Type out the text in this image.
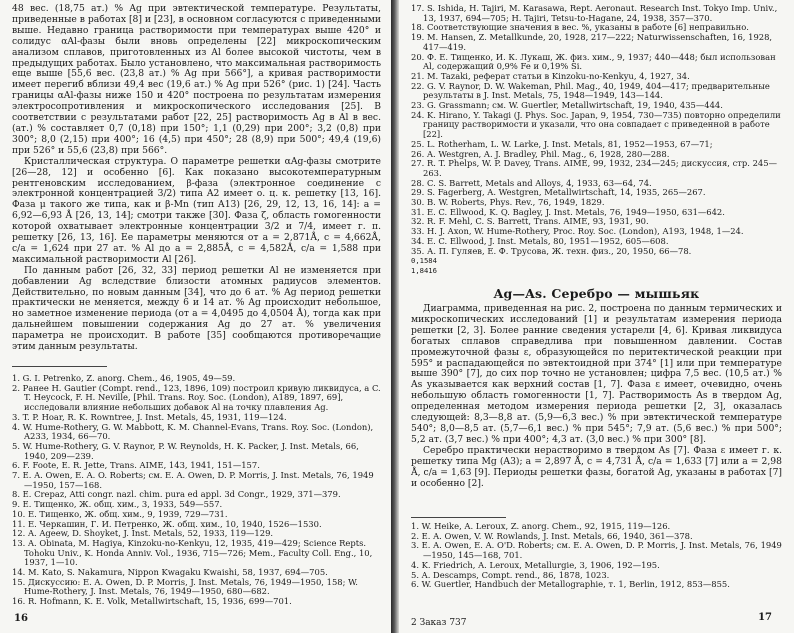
48 вес. (18,75 ат.) % Ag при эвтектической температуре. Результаты, приведенные в работах [8] и [23], в основном согласуются с приведенными выше. Недавно граница растворимости при температурах выше 420° и солидус αAl-фазы были вновь определены [22] микроскопическим анализом сплавов, приготовленных из Al более высокой чистоты, чем в предыдущих работах. Было установлено, что максимальная растворимость еще выше [55,6 вес. (23,8 ат.) % Ag при 566°], а кривая растворимости имеет перегиб вблизи 49,4 вес (19,6 ат.) % Ag при 526° (рис. 1) [24]. Часть границы αAl-фазы ниже 150 и 420° построена по результатам измерения электросопротивления и микроскопического исследования [25]. В соответствии с результатами работ [22, 25] растворимость Ag в Al в вес. (ат.) % составляет 0,7 (0,18) при 150°; 1,1 (0,29) при 200°; 3,2 (0,8) при 300°; 8,0 (2,15) при 400°; 16 (4,5) при 450°; 28 (8,9) при 500°; 49,4 (19,6) при 526° и 55,6 (23,8) при 566°.

Кристаллическая структура. О параметре решетки αAg-фазы смотрите [26—28, 12] и особенно [6]. Как показано высокотемпературным рентгеновским исследованием, β-фаза (электронное соединение с электронной концентрацией 3/2) типа A2 имеет о. ц. к. решетку [13, 16]. Фаза μ такого же типа, как и β-Mn (тип A13) [26, 29, 12, 13, 16, 14]: a = 6,92—6,93 Å [26, 13, 14]; смотри также [30]. Фаза ζ, область гомогенности которой охватывает электронные концентрации 3/2 и 7/4, имеет г. п. решетку [26, 13, 16]. Ее параметры меняются от a = 2,871Å, c = 4,662Å, c/a = 1,624 при 27 ат. % Al до a = 2,885Å, c = 4,582Å, c/a = 1,588 при максимальной растворимости Al [26].

По данным работ [26, 32, 33] период решетки Al не изменяется при добавлении Ag вследствие близости атомных радиусов элементов. Действительно, по новым данным [34], что до 6 ат. % Ag период решетки практически не меняется, между 6 и 14 ат. % Ag происходит небольшое, но заметное изменение периода (от a = 4,0495 до 4,0504 Å), тогда как при дальнейшем повышении содержания Ag до 27 ат. % увеличения параметра не происходит. В работе [35] сообщаются противоречащие этим данным результаты.

1. G. I. Petrenko, Z. anorg. Chem., 46, 1905, 49—59.
2. Ранее H. Gautier (Compt. rend., 123, 1896, 109) построил кривую ликвидуса, а C. T. Heycock, F. H. Neville, [Phil. Trans. Roy. Soc. (London), A189, 1897, 69], исследовали влияние небольших добавок Al на точку плавления Ag.
3. T. P. Hoar, R. K. Rowntree, J. Inst. Metals, 45, 1931, 119—124.
4. W. Hume-Rothery, G. W. Mabbott, K. M. Channel-Evans, Trans. Roy. Soc. (London), A233, 1934, 66—70.
5. W. Hume-Rothery, G. V. Raynor, P. W. Reynolds, H. K. Packer, J. Inst. Metals, 66, 1940, 209—239.
6. F. Foote, E. R. Jette, Trans. AIME, 143, 1941, 151—157.
7. E. A. Owen, E. A. O. Roberts; см. E. A. Owen, D. P. Morris, J. Inst. Metals, 76, 1949—1950, 157—168.
8. E. Crepaz, Atti congr. nazl. chim. pura ed appl. 3d Congr., 1929, 371—379.
9. Е. Тищенко, Ж. общ. хим., 3, 1933, 549—557.
10. Е. Тищенко, Ж. общ. хим., 9, 1939, 729—731.
11. Е. Черкашин, Г. И. Петренко, Ж. общ. хим., 10, 1940, 1526—1530.
12. A. Ageew, D. Shoyket, J. Inst. Metals, 52, 1933, 119—129.
13. A. Obinata, M. Hagiya, Kinzoku-no-Kenkyu, 12, 1935, 419—429; Science Repts. Tohoku Univ., K. Honda Anniv. Vol., 1936, 715—726; Mem., Faculty Coll. Eng., 10, 1937, 1—10.
14. M. Kato, S. Nakamura, Nippon Kwagaku Kwaishi, 58, 1937, 694—705.
15. Дискуссию: E. A. Owen, D. P. Morris, J. Inst. Metals, 76, 1949—1950, 158; W. Hume-Rothery, J. Inst. Metals, 76, 1949—1950, 680—682.
16. R. Hofmann, K. E. Volk, Metallwirtschaft, 15, 1936, 699—701.
16
17. S. Ishida, H. Tajiri, M. Karasawa, Rept. Aeronaut. Research Inst. Tokyo Imp. Univ., 13, 1937, 694—705; H. Tajiri, Tetsu-to-Hagane, 24, 1938, 357—370.
18. Соответствующие значения в вес. %, указаны в работе [6] неправильно.
19. M. Hansen, Z. Metallkunde, 20, 1928, 217—222; Naturwissenschaften, 16, 1928, 417—419.
20. Ф. Е. Тищенко, И. К. Лукаш, Ж. физ. хим., 9, 1937; 440—448; был использован Al, содержащий 0,9% Fe и 0,19% Si.
21. M. Tazaki, реферат статьи в Kinzoku-no-Kenkyu, 4, 1927, 34.
22. G. V. Raynor, D. W. Wakeman, Phil. Mag., 40, 1949, 404—417; предварительные результаты в J. Inst. Metals, 75, 1948—1949, 143—144.
23. G. Grassmann; см. W. Guertler, Metallwirtschaft, 19, 1940, 435—444.
24. K. Hirano, Y. Takagi (J. Phys. Soc. Japan, 9, 1954, 730—735) повторно определили границу растворимости и указали, что она совпадает с приведенной в работе [22].
25. L. Rotherham, L. W. Larke, J. Inst. Metals, 81, 1952—1953, 67—71;
26. A. Westgren, A. J. Bradley, Phil. Mag., 6, 1928, 280—288.
27. R. T. Phelps, W. P. Davey, Trans. AIME, 99, 1932, 234—245; дискуссия, стр. 245—263.
28. C. S. Barrett, Metals and Alloys, 4, 1933, 63—64, 74.
29. S. Fagerberg, A. Westgren, Metallwirtschaft, 14, 1935, 265—267.
30. B. W. Roberts, Phys. Rev., 76, 1949, 1829.
31. E. C. Ellwood, K. Q. Bagley, J. Inst. Metals, 76, 1949—1950, 631—642.
32. R. F. Mehl, C. S. Barrett, Trans. AIME, 93, 1931, 90.
33. H. J. Axon, W. Hume-Rothery, Proc. Roy. Soc. (London), A193, 1948, 1—24.
34. E. C. Ellwood, J. Inst. Metals, 80, 1951—1952, 605—608.
35. А. П. Гуляев, Е. Ф. Трусова, Ж. техн. физ., 20, 1950, 66—78.
0,1584
1,8416

Ag—As. Серебро — мышьяк

Диаграмма, приведенная на рис. 2, построена по данным термических и микроскопических исследований [1] и результатам измерения периода решетки [2, 3]. Более ранние сведения устарели [4, 6]. Кривая ликвидуса богатых сплавов справедлива при повышенном давлении. Состав промежуточной фазы ε, образующейся по перитектической реакции при 595° и распадающейся по эвтектоидной при 374° [1] или при температуре выше 390° [7], до сих пор точно не установлен; цифра 7,5 вес. (10,5 ат.) % As указывается как верхний состав [1, 7]. Фаза ε имеет, очевидно, очень небольшую область гомогенности [1, 7]. Растворимость As в твердом Ag, определенная методом измерения периода решетки [2, 3], оказалась следующей: 8,3—8,8 ат. (5,9—6,3 вес.) % при эвтектической температуре 540°; 8,0—8,5 ат. (5,7—6,1 вес.) % при 545°; 7,9 ат. (5,6 вес.) % при 500°; 5,2 ат. (3,7 вес.) % при 400°; 4,3 ат. (3,0 вес.) % при 300° [8].

Серебро практически нерастворимо в твердом As [7]. Фаза ε имеет г. к. решетку типа Mg (A3); a = 2,897 Å, c = 4,731 Å, c/a = 1,633 [7] или a = 2,98 Å, c/a = 1,63 [9]. Периоды решетки фазы, богатой Ag, указаны в работах [7] и особенно [2].

1. W. Heike, A. Leroux, Z. anorg. Chem., 92, 1915, 119—126.
2. E. A. Owen, V. W. Rowlands, J. Inst. Metals, 66, 1940, 361—378.
3. E. A. Owen, E. A. O'D. Roberts; см. E. A. Owen, D. P. Morris, J. Inst. Metals, 76, 1949—1950, 145—168, 701.
4. K. Friedrich, A. Leroux, Metallurgie, 3, 1906, 192—195.
5. A. Descamps, Compt. rend., 86, 1878, 1023.
6. W. Guertler, Handbuch der Metallographie, т. 1, Berlin, 1912, 853—855.
2 Заказ 737	17
